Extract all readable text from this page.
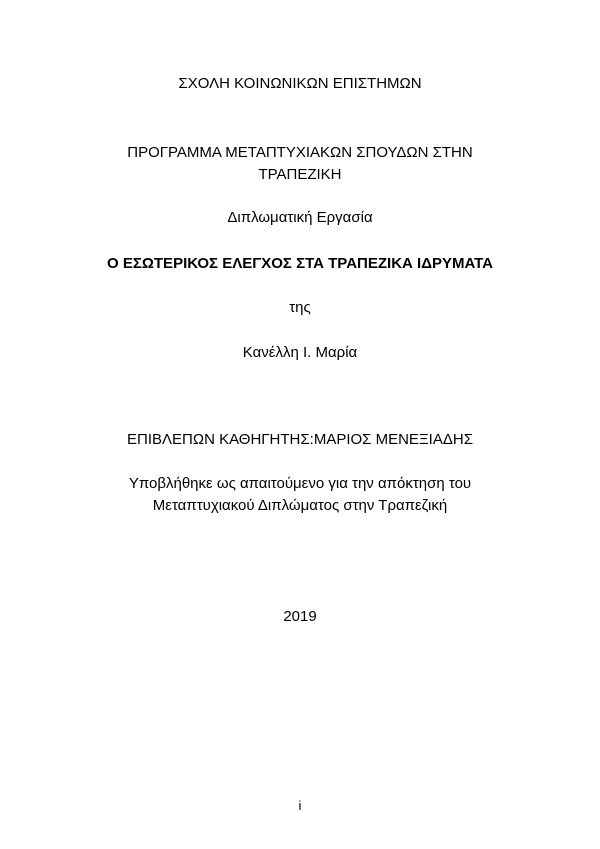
ΣΧΟΛΗ ΚΟΙΝΩΝΙΚΩΝ ΕΠΙΣΤΗΜΩΝ
ΠΡΟΓΡΑΜΜΑ ΜΕΤΑΠΤΥΧΙΑΚΩΝ ΣΠΟΥΔΩΝ ΣΤΗΝ ΤΡΑΠΕΖΙΚΗ
Διπλωματική Εργασία
Ο ΕΣΩΤΕΡΙΚΟΣ ΕΛΕΓΧΟΣ ΣΤΑ ΤΡΑΠΕΖΙΚΑ ΙΔΡΥΜΑΤΑ
της
Κανέλλη Ι. Μαρία
ΕΠΙΒΛΕΠΩΝ ΚΑΘΗΓΗΤΗΣ:ΜΑΡΙΟΣ ΜΕΝΕΞΙΑΔΗΣ
Υποβλήθηκε ως απαιτούμενο για την απόκτηση του Μεταπτυχιακού Διπλώματος στην Τραπεζική
2019
i
